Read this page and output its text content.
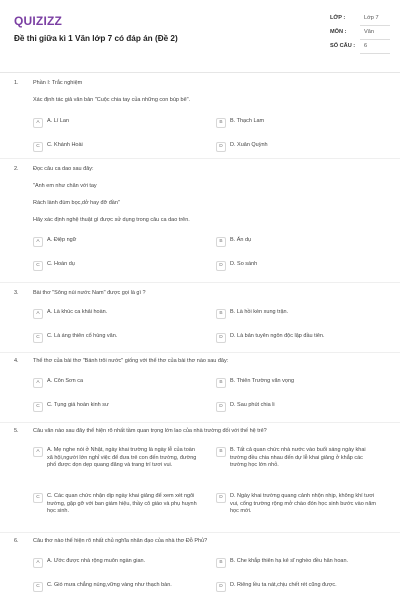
QUIZIZZ
Đề thi giữa kì 1 Văn lớp 7 có đáp án (Đề 2)
LỚP :	Lớp 7
MÔN :	Văn
SỐ CÂU : 6
1.	Phần I: Trắc nghiệm
Xác định tác giả văn bản "Cuộc chia tay của những con búp bê".
A	A. Lí Lan	B	B. Thạch Lam
C	C. Khánh Hoài	D	D. Xuân Quỳnh
2.	Đọc câu ca dao sau đây:
"Anh em như chân với tay
Rách lành đùm bọc,dở hay đỡ đần"
Hãy xác định nghệ thuật gì được sử dụng trong câu ca dao trên.
A	A. Điệp ngữ	B	B. Ẩn dụ
C	C. Hoán dụ	D	D. So sánh
3.	Bài thơ "Sông núi nước Nam" được gọi là gì ?
A	A. Là khúc ca khải hoàn.	B	B. Là hồi kèn xung trận.
C	C. Là áng thiên cổ hùng văn.	D	D. Là bản tuyên ngôn độc lập đầu tiên.
4.	Thể thơ của bài thơ "Bánh trôi nước" giống với thể thơ của bài thơ nào sau đây:
A	A. Côn Sơn ca	B	B. Thiên Trường vãn vọng
C	C. Tụng giá hoàn kinh sư	D	D. Sau phút chia li
5.	Câu văn nào sau đây thể hiện rõ nhất tầm quan trọng lớn lao của nhà trường đối với thế hệ trẻ?
A	A. Mẹ nghe nói ở Nhật, ngày khai trường là ngày lễ của toàn xã hội,người lớn nghỉ việc để đưa trẻ con đến trường, đường phố được dọn dẹp quang đãng và trang trí tươi vui.
B	B. Tất cả quan chức nhà nước vào buổi sáng ngày khai trường đều chia nhau đến dự lễ khai giảng ở khắp các trường học lớn nhỏ.
C	C. Các quan chức nhận dịp ngày khai giảng để xem xét ngôi trường, gặp gỡ với ban giám hiệu, thầy cô giáo và phụ huynh học sinh.
D	D. Ngày khai trường quang cảnh nhộn nhịp, không khí tươi vui, cổng trường rộng mở chào đón học sinh bước vào năm học mới.
6.	Câu thơ nào thể hiện rõ nhất chủ nghĩa nhân đạo của nhà thơ Đỗ Phủ?
A	A. Ước được nhà rộng muôn ngàn gian.	B	B. Che khắp thiên hạ kẻ sĩ nghèo đều hân hoan.
C	C. Gió mưa chẳng núng,vững vàng như thạch bàn.	D	D. Riêng lều ta nát,chịu chết rét cũng được.
